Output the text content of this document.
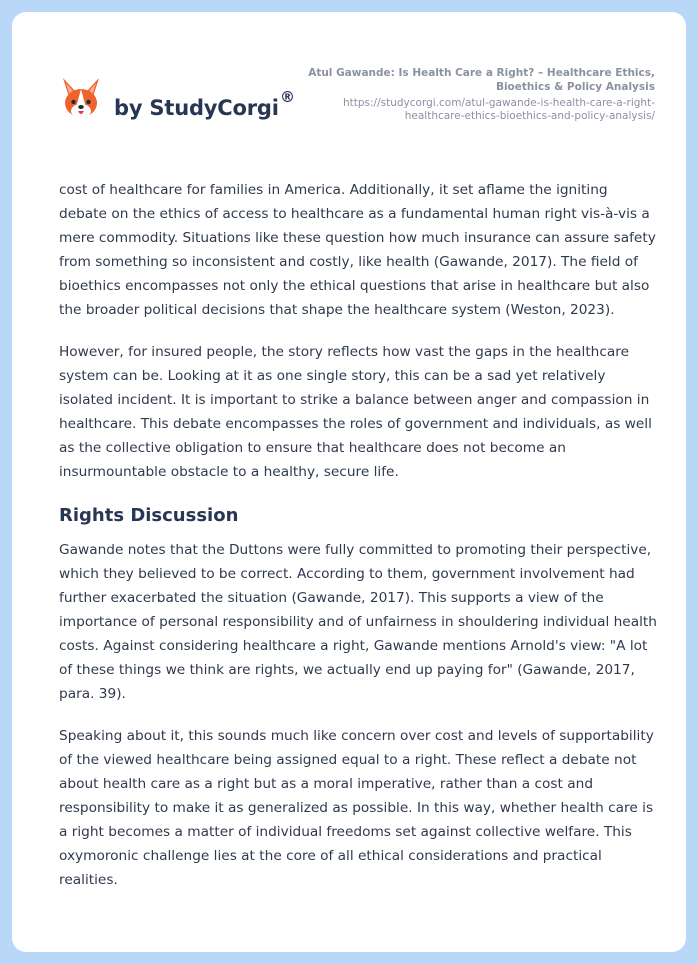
by StudyCorgi ®
Atul Gawande: Is Health Care a Right? – Healthcare Ethics, Bioethics & Policy Analysis
https://studycorgi.com/atul-gawande-is-health-care-a-right-healthcare-ethics-bioethics-and-policy-analysis/

cost of healthcare for families in America. Additionally, it set aflame the igniting debate on the ethics of access to healthcare as a fundamental human right vis-à-vis a mere commodity. Situations like these question how much insurance can assure safety from something so inconsistent and costly, like health (Gawande, 2017). The field of bioethics encompasses not only the ethical questions that arise in healthcare but also the broader political decisions that shape the healthcare system (Weston, 2023).

However, for insured people, the story reflects how vast the gaps in the healthcare system can be. Looking at it as one single story, this can be a sad yet relatively isolated incident. It is important to strike a balance between anger and compassion in healthcare. This debate encompasses the roles of government and individuals, as well as the collective obligation to ensure that healthcare does not become an insurmountable obstacle to a healthy, secure life.

Rights Discussion

Gawande notes that the Duttons were fully committed to promoting their perspective, which they believed to be correct. According to them, government involvement had further exacerbated the situation (Gawande, 2017). This supports a view of the importance of personal responsibility and of unfairness in shouldering individual health costs. Against considering healthcare a right, Gawande mentions Arnold's view: "A lot of these things we think are rights, we actually end up paying for" (Gawande, 2017, para. 39).

Speaking about it, this sounds much like concern over cost and levels of supportability of the viewed healthcare being assigned equal to a right. These reflect a debate not about health care as a right but as a moral imperative, rather than a cost and responsibility to make it as generalized as possible. In this way, whether health care is a right becomes a matter of individual freedoms set against collective welfare. This oxymoronic challenge lies at the core of all ethical considerations and practical realities.
